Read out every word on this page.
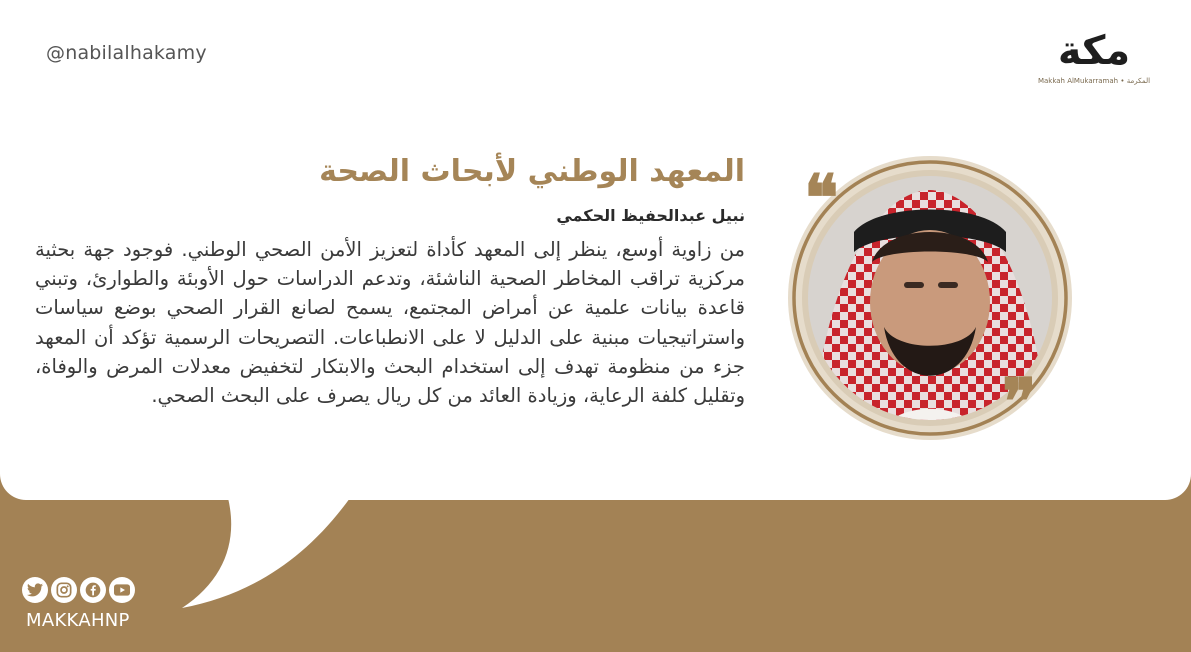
@nabilalhakamy	مكة
Makkah AlMukarramah • المكرمة
المعهد الوطني لأبحاث الصحة
نبيل عبدالحفيظ الحكمي
من زاوية أوسع، ينظر إلى المعهد كأداة لتعزيز الأمن الصحي الوطني. فوجود جهة بحثية مركزية تراقب المخاطر الصحية الناشئة، وتدعم الدراسات حول الأوبئة والطوارئ، وتبني قاعدة بيانات علمية عن أمراض المجتمع، يسمح لصانع القرار الصحي بوضع سياسات واستراتيجيات مبنية على الدليل لا على الانطباعات. التصريحات الرسمية تؤكد أن المعهد جزء من منظومة تهدف إلى استخدام البحث والابتكار لتخفيض معدلات المرض والوفاة، وتقليل كلفة الرعاية، وزيادة العائد من كل ريال يصرف على البحث الصحي.
❝
❞
MAKKAHNP
